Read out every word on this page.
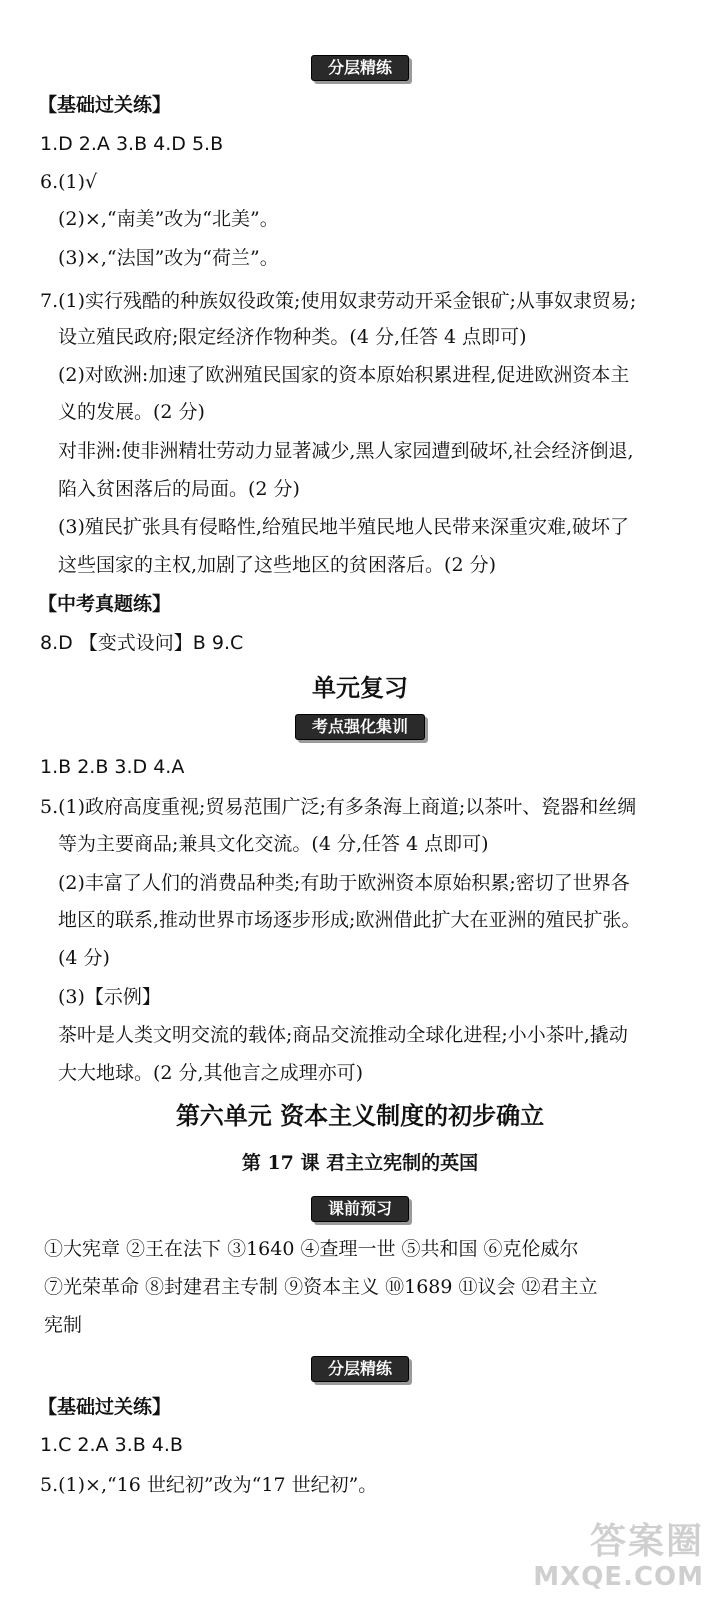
分层精练
【基础过关练】
1.D 2.A 3.B 4.D 5.B
6.(1)√
(2)×,“南美”改为“北美”。
(3)×,“法国”改为“荷兰”。
7.(1)实行残酷的种族奴役政策;使用奴隶劳动开采金银矿;从事奴隶贸易;
设立殖民政府;限定经济作物种类。(4 分,任答 4 点即可)
(2)对欧洲:加速了欧洲殖民国家的资本原始积累进程,促进欧洲资本主
义的发展。(2 分)
对非洲:使非洲精壮劳动力显著减少,黑人家园遭到破坏,社会经济倒退,
陷入贫困落后的局面。(2 分)
(3)殖民扩张具有侵略性,给殖民地半殖民地人民带来深重灾难,破坏了
这些国家的主权,加剧了这些地区的贫困落后。(2 分)
【中考真题练】
8.D 【变式设问】B 9.C
单元复习
考点强化集训
1.B 2.B 3.D 4.A
5.(1)政府高度重视;贸易范围广泛;有多条海上商道;以茶叶、瓷器和丝绸
等为主要商品;兼具文化交流。(4 分,任答 4 点即可)
(2)丰富了人们的消费品种类;有助于欧洲资本原始积累;密切了世界各
地区的联系,推动世界市场逐步形成;欧洲借此扩大在亚洲的殖民扩张。
(4 分)
(3)【示例】
茶叶是人类文明交流的载体;商品交流推动全球化进程;小小茶叶,撬动
大大地球。(2 分,其他言之成理亦可)
第六单元 资本主义制度的初步确立
第 17 课 君主立宪制的英国
课前预习
①大宪章 ②王在法下 ③1640 ④查理一世 ⑤共和国 ⑥克伦威尔
⑦光荣革命 ⑧封建君主专制 ⑨资本主义 ⑩1689 ⑪议会 ⑫君主立
宪制
分层精练
【基础过关练】
1.C 2.A 3.B 4.B
5.(1)×,“16 世纪初”改为“17 世纪初”。
答案圈
MXQE.COM
